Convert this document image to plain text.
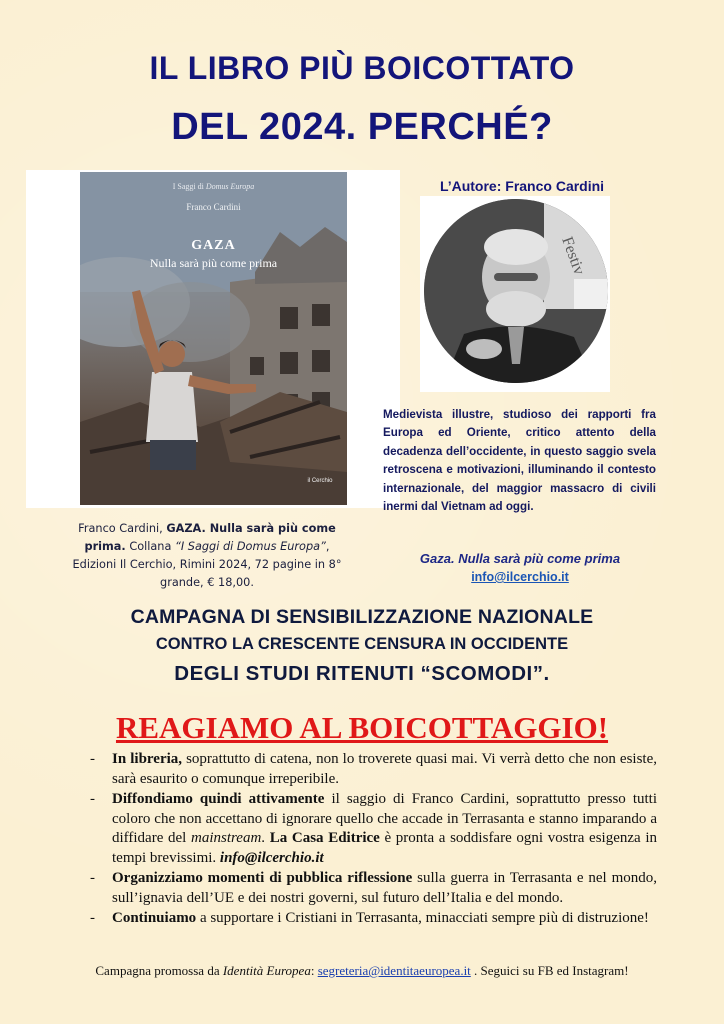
IL LIBRO PIÙ BOICOTTATO
DEL 2024. PERCHÉ?
I Saggi di Domus Europa
Franco Cardini
GAZA
Nulla sarà più come prima
il Cerchio
Franco Cardini, GAZA. Nulla sarà più come prima. Collana “I Saggi di Domus Europa”, Edizioni Il Cerchio, Rimini 2024, 72 pagine in 8° grande, € 18,00.
L’Autore: Franco Cardini
Festiv
Medievista illustre, studioso dei rapporti fra Europa ed Oriente, critico attento della decadenza dell’occidente, in questo saggio svela retroscena e motivazioni, illuminando il contesto internazionale, del maggior massacro di civili inermi dal Vietnam ad oggi.
Gaza. Nulla sarà più come prima
info@ilcerchio.it
CAMPAGNA DI SENSIBILIZZAZIONE NAZIONALE
CONTRO LA CRESCENTE CENSURA IN OCCIDENTE
DEGLI STUDI RITENUTI “SCOMODI”.
REAGIAMO AL BOICOTTAGGIO!
- In libreria, soprattutto di catena, non lo troverete quasi mai. Vi verrà detto che non esiste, sarà esaurito o comunque irreperibile.
- Diffondiamo quindi attivamente il saggio di Franco Cardini, soprattutto presso tutti coloro che non accettano di ignorare quello che accade in Terrasanta e stanno imparando a diffidare del mainstream. La Casa Editrice è pronta a soddisfare ogni vostra esigenza in tempi brevissimi. info@ilcerchio.it
- Organizziamo momenti di pubblica riflessione sulla guerra in Terrasanta e nel mondo, sull’ignavia dell’UE e dei nostri governi, sul futuro dell’Italia e del mondo.
- Continuiamo a supportare i Cristiani in Terrasanta, minacciati sempre più di distruzione!
Campagna promossa da Identità Europea: segreteria@identitaeuropea.it . Seguici su FB ed Instagram!
